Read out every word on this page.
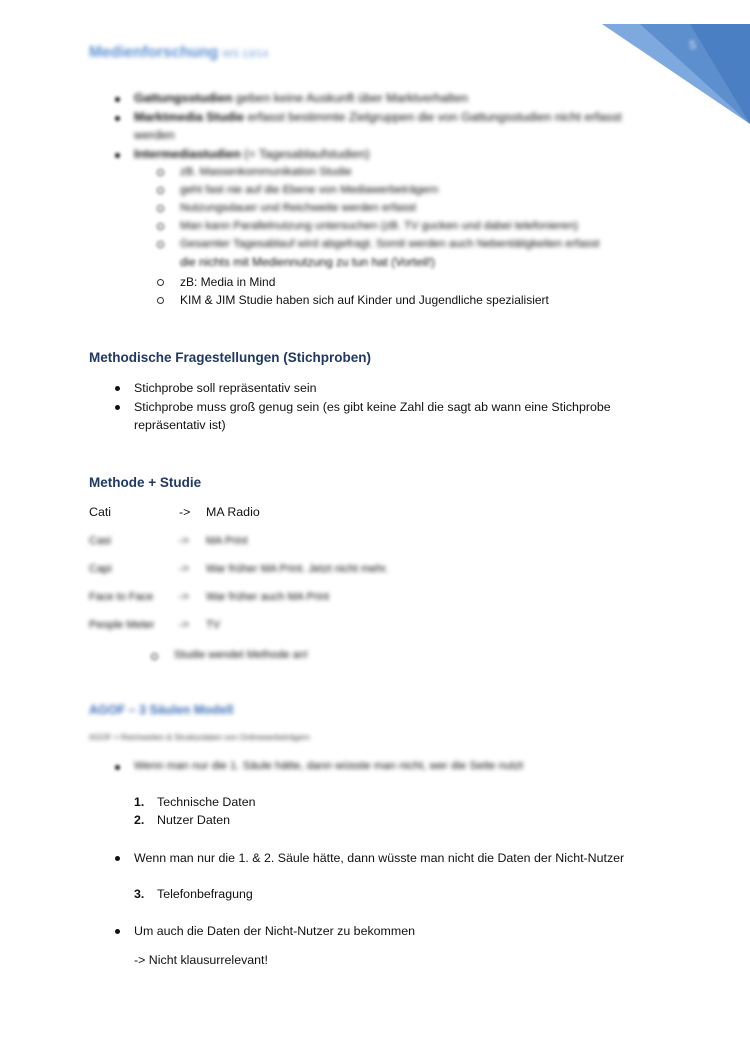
5
Medienforschung WS 13/14
Gattungsstudien geben keine Auskunft über Marktverhalten
Marktmedia Studie erfasst bestimmte Zielgruppen die von Gattungsstudien nicht erfasst
werden
Intermediastudien (= Tagesablaufstudien)
zB. Massenkommunikation Studie
geht fast nie auf die Ebene von Mediawerbeträgern
Nutzungsdauer und Reichweite werden erfasst
Man kann Parallelnutzung untersuchen (zB. TV gucken und dabei telefonieren)
Gesamter Tagesablauf wird abgefragt. Somit werden auch Nebentätigkeiten erfasst
die nichts mit Mediennutzung zu tun hat (Vorteil!)
zB: Media in Mind
KIM & JIM Studie haben sich auf Kinder und Jugendliche spezialisiert
Methodische Fragestellungen (Stichproben)
Stichprobe soll repräsentativ sein
Stichprobe muss groß genug sein (es gibt keine Zahl die sagt ab wann eine Stichprobe
repräsentativ ist)
Methode + Studie
Cati	-> MA Radio
Casi	-> MA Print
Capi	-> War früher MA Print. Jetzt nicht mehr.
Face to Face -> War früher auch MA Print
People Meter -> TV
Studie wendet Methode an!
AGOF – 3 Säulen Modell
AGOF = Reichweiten & Strukturdaten von Onlinewerbeträgern
Wenn man nur die 1. Säule hätte, dann wüsste man nicht, wer die Seite nutzt
1. Technische Daten
2. Nutzer Daten
Wenn man nur die 1. & 2. Säule hätte, dann wüsste man nicht die Daten der Nicht-Nutzer
3. Telefonbefragung
Um auch die Daten der Nicht-Nutzer zu bekommen
-> Nicht klausurrelevant!
